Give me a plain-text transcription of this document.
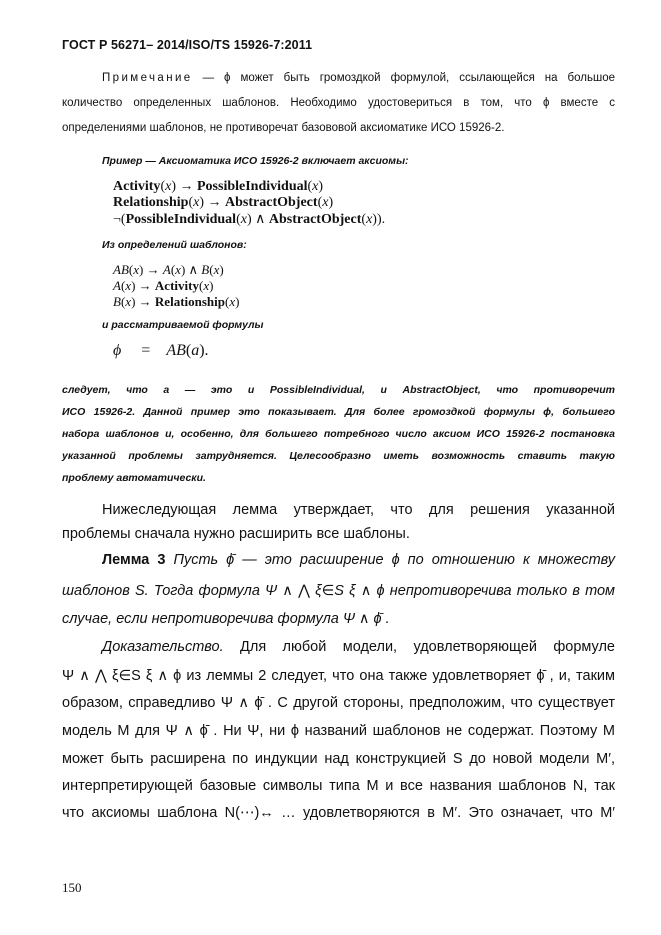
ГОСТ Р 56271– 2014/ISO/TS 15926-7:2011
Примечание — ϕ может быть громоздкой формулой, ссылающейся на большое
количество определенных шаблонов. Необходимо удостовериться в том, что ϕ вместе с
определениями шаблонов, не противоречат базововой аксиоматике ИСО 15926-2.
Пример — Аксиоматика ИСО 15926-2 включает аксиомы:
Activity(x) → PossibleIndividual(x)
Relationship(x) → AbstractObject(x)
¬(PossibleIndividual(x) ∧ AbstractObject(x)).
Из определений шаблонов:
AB(x) → A(x) ∧ B(x)
A(x) → Activity(x)
B(x) → Relationship(x)
и рассматриваемой формулы
ϕ     =    AB(a).
следует, что a — это и PossibleIndividual, и AbstractObject, что противоречит
ИСО 15926-2. Данной пример это показывает. Для более громоздкой формулы ϕ, большего
набора шаблонов и, особенно, для большего потребного число аксиом ИСО 15926-2 постановка
указанной проблемы затрудняется. Целесообразно иметь возможность ставить такую
проблему автоматически.
Нижеследующая лемма утверждает, что для решения указанной
проблемы сначала нужно расширить все шаблоны.
Лемма 3 Пусть ϕ̄ — это расширение ϕ по отношению к множеству
шаблонов S. Тогда формула Ψ ∧ ⋀ ξ∈S ξ ∧ ϕ непротиворечива только в том
случае, если непротиворечива формула Ψ ∧ ϕ̄ .
Доказательство. Для любой модели, удовлетворяющей формуле
Ψ ∧ ⋀ ξ∈S ξ ∧ ϕ из леммы 2 следует, что она также удовлетворяет ϕ̄ , и, таким
образом, справедливо Ψ ∧ ϕ̄ . С другой стороны, предположим, что существует
модель M для Ψ ∧ ϕ̄ . Ни Ψ, ни ϕ названий шаблонов не содержат. Поэтому M
может быть расширена по индукции над конструкцией S до новой модели M′,
интерпретирующей базовые символы типа M и все названия шаблонов N, так
что аксиомы шаблона N(⋯)↔ … удовлетворяются в M′. Это означает, что M′
150
